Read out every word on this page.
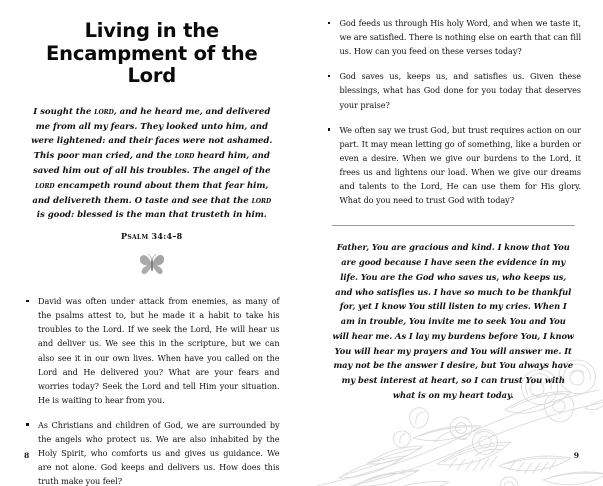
Living in the Encampment of the Lord
I sought the lord, and he heard me, and delivered me from all my fears. They looked unto him, and were lightened: and their faces were not ashamed. This poor man cried, and the lord heard him, and saved him out of all his troubles. The angel of the lord encampeth round about them that fear him, and delivereth them. O taste and see that the lord is good: blessed is the man that trusteth in him.
Psalm 34:4–8
David was often under attack from enemies, as many of the psalms attest to, but he made it a habit to take his troubles to the Lord. If we seek the Lord, He will hear us and deliver us. We see this in the scripture, but we can also see it in our own lives. When have you called on the Lord and He delivered you? What are your fears and worries today? Seek the Lord and tell Him your situation. He is waiting to hear from you.
As Christians and children of God, we are surrounded by the angels who protect us. We are also inhabited by the Holy Spirit, who comforts us and gives us guidance. We are not alone. God keeps and delivers us. How does this truth make you feel?
8
God feeds us through His holy Word, and when we taste it, we are satisfied. There is nothing else on earth that can fill us. How can you feed on these verses today?
God saves us, keeps us, and satisfies us. Given these blessings, what has God done for you today that deserves your praise?
We often say we trust God, but trust requires action on our part. It may mean letting go of something, like a burden or even a desire. When we give our burdens to the Lord, it frees us and lightens our load. When we give our dreams and talents to the Lord, He can use them for His glory. What do you need to trust God with today?
Father, You are gracious and kind. I know that You are good because I have seen the evidence in my life. You are the God who saves us, who keeps us, and who satisfies us. I have so much to be thankful for, yet I know You still listen to my cries. When I am in trouble, You invite me to seek You and You will hear me. As I lay my burdens before You, I know You will hear my prayers and You will answer me. It may not be the answer I desire, but You always have my best interest at heart, so I can trust You with what is on my heart today.
9
